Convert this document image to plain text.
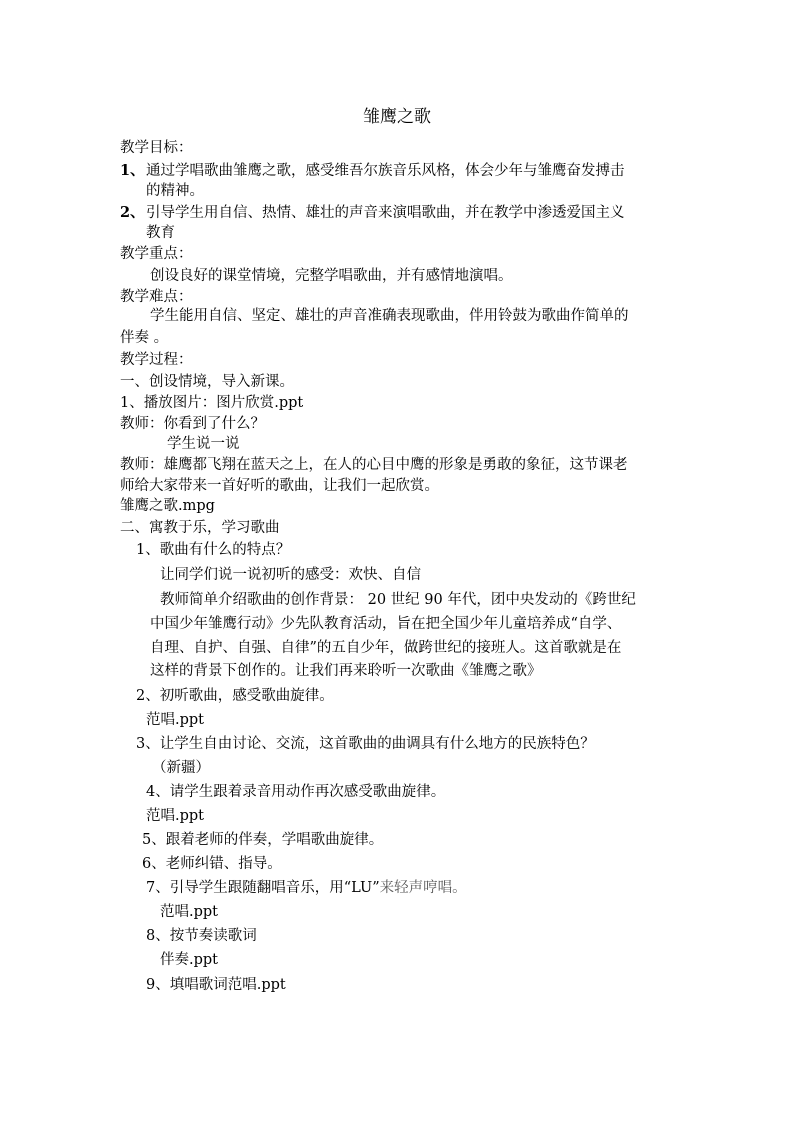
雏鹰之歌
教学目标：
1、 通过学唱歌曲雏鹰之歌，感受维吾尔族音乐风格，体会少年与雏鹰奋发搏击
的精神。
2、 引导学生用自信、热情、雄壮的声音来演唱歌曲，并在教学中渗透爱国主义
教育
教学重点：
创设良好的课堂情境，完整学唱歌曲，并有感情地演唱。
教学难点：
学生能用自信、坚定、雄壮的声音准确表现歌曲，伴用铃鼓为歌曲作简单的
伴奏 。
教学过程：
一、创设情境，导入新课。
1、播放图片：图片欣赏.ppt
教师：你看到了什么？
学生说一说
教师：雄鹰都飞翔在蓝天之上，在人的心目中鹰的形象是勇敢的象征，这节课老
师给大家带来一首好听的歌曲，让我们一起欣赏。
雏鹰之歌.mpg
二、寓教于乐，学习歌曲
1、歌曲有什么的特点？
让同学们说一说初听的感受：欢快、自信
教师简单介绍歌曲的创作背景： 20 世纪 90 年代，团中央发动的《跨世纪
中国少年雏鹰行动》少先队教育活动，旨在把全国少年儿童培养成“自学、
自理、自护、自强、自律”的五自少年，做跨世纪的接班人。这首歌就是在
这样的背景下创作的。让我们再来聆听一次歌曲《雏鹰之歌》
2、初听歌曲，感受歌曲旋律。
范唱.ppt
3、让学生自由讨论、交流，这首歌曲的曲调具有什么地方的民族特色？
（新疆）
4、请学生跟着录音用动作再次感受歌曲旋律。
范唱.ppt
5、跟着老师的伴奏，学唱歌曲旋律。
6、老师纠错、指导。
7、引导学生跟随翻唱音乐，用“LU”来轻声哼唱。
范唱.ppt
8、按节奏读歌词
伴奏.ppt
9、填唱歌词范唱.ppt
